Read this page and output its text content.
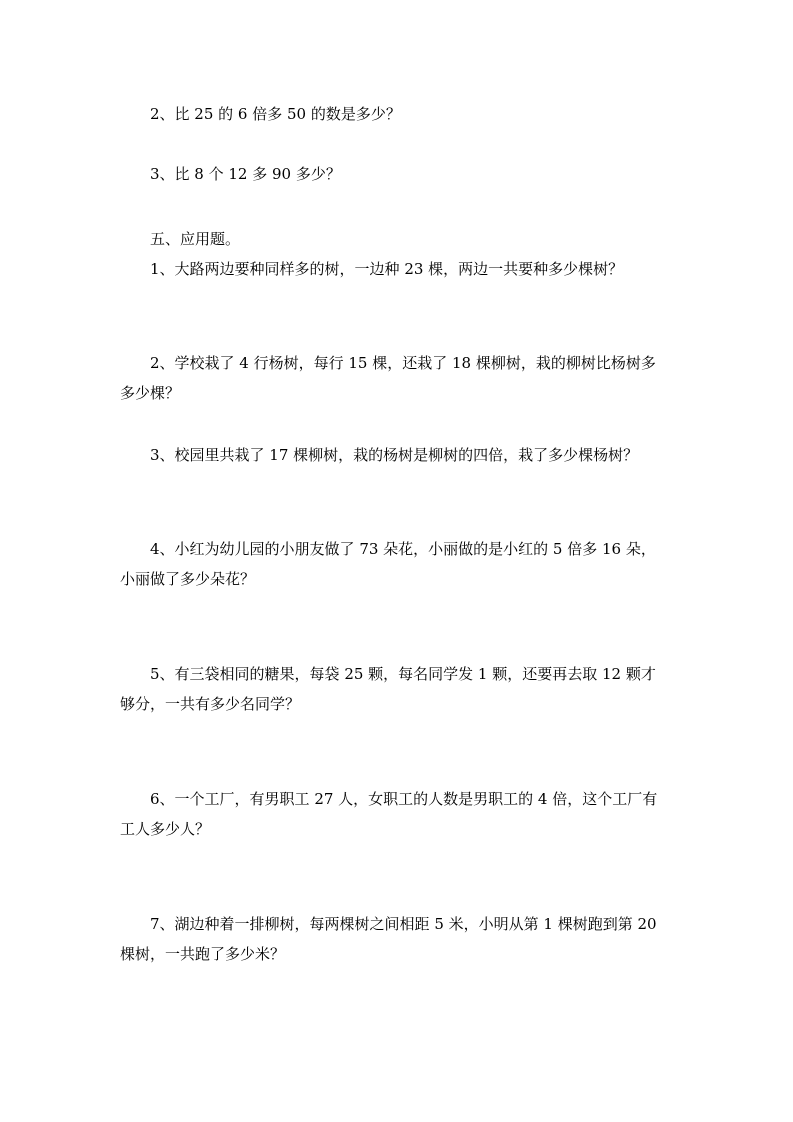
2、比 25 的 6 倍多 50 的数是多少？
3、比 8 个 12 多 90 多少？
五、应用题。
1、大路两边要种同样多的树，一边种 23 棵，两边一共要种多少棵树？
2、学校栽了 4 行杨树，每行 15 棵，还栽了 18 棵柳树，栽的柳树比杨树多
多少棵？
3、校园里共栽了 17 棵柳树，栽的杨树是柳树的四倍，栽了多少棵杨树？
4、小红为幼儿园的小朋友做了 73 朵花，小丽做的是小红的 5 倍多 16 朵，
小丽做了多少朵花？
5、有三袋相同的糖果，每袋 25 颗，每名同学发 1 颗，还要再去取 12 颗才
够分，一共有多少名同学？
6、一个工厂，有男职工 27 人，女职工的人数是男职工的 4 倍，这个工厂有
工人多少人？
7、湖边种着一排柳树，每两棵树之间相距 5 米，小明从第 1 棵树跑到第 20
棵树，一共跑了多少米？
